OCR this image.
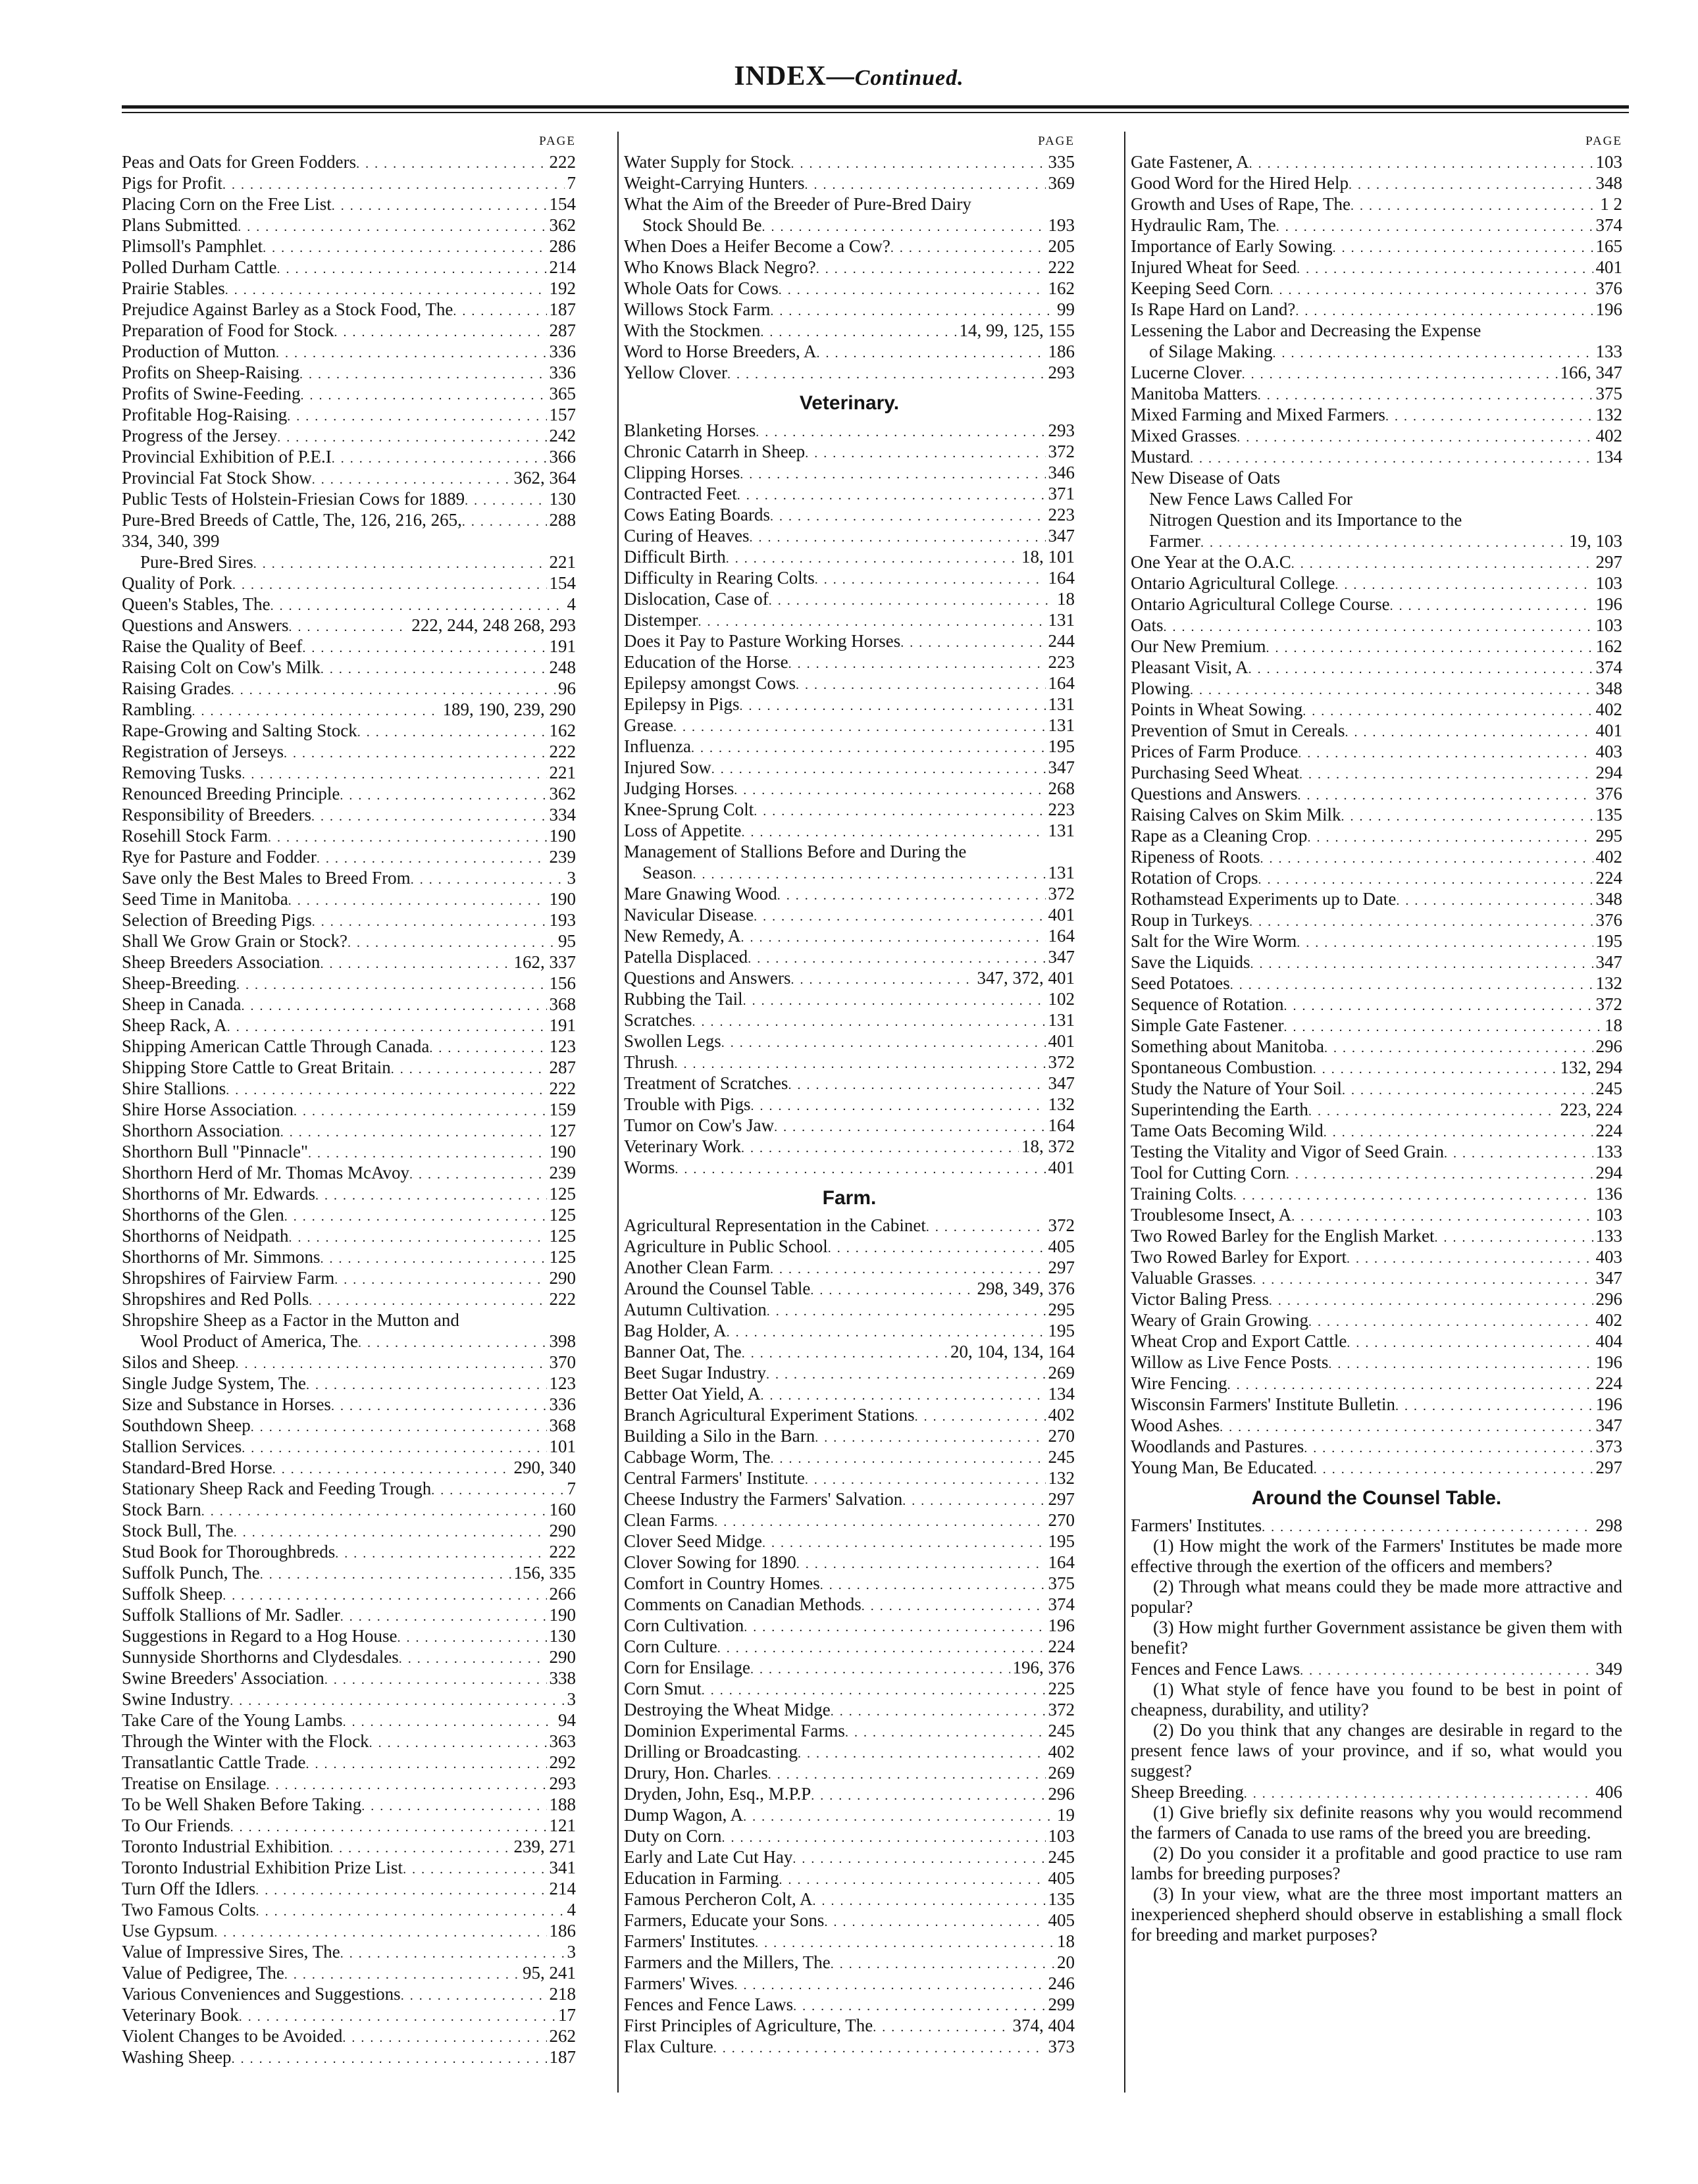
INDEX—Continued.
PAGE
Peas and Oats for Green Fodders . . .	222
Pigs for Profit . . .	7
Placing Corn on the Free List . . .	154
Plans Submitted . . .	362
Plimsoll's Pamphlet . . .	286
Polled Durham Cattle . . .	214
Prairie Stables . . .	192
Prejudice Against Barley as a Stock Food, The . . .	187
Preparation of Food for Stock . . .	287
Production of Mutton . . .	336
Profits on Sheep-Raising . . .	336
Profits of Swine-Feeding . . .	365
Profitable Hog-Raising . . .	157
Progress of the Jersey . . .	242
Provincial Exhibition of P.E.I . . .	366
Provincial Fat Stock Show . . .	362, 364
Public Tests of Holstein-Friesian Cows for 1889 . . .	130
Pure-Bred Breeds of Cattle, The, 126, 216, 265, . . .	288
334, 340, 399
Pure-Bred Sires . . .	221
Quality of Pork . . .	154
Queen's Stables, The . . .	4
Questions and Answers . . .	222, 244, 248 268, 293
Raise the Quality of Beef . . .	191
Raising Colt on Cow's Milk . . .	248
Raising Grades . . .	96
Rambling . . .	189, 190, 239, 290
Rape-Growing and Salting Stock . . .	162
Registration of Jerseys . . .	222
Removing Tusks . . .	221
Renounced Breeding Principle . . .	362
Responsibility of Breeders . . .	334
Rosehill Stock Farm . . .	190
Rye for Pasture and Fodder . . .	239
Save only the Best Males to Breed From . . .	3
Seed Time in Manitoba . . .	190
Selection of Breeding Pigs . . .	193
Shall We Grow Grain or Stock? . . .	95
Sheep Breeders Association . . .	162, 337
Sheep-Breeding . . .	156
Sheep in Canada . . .	368
Sheep Rack, A . . .	191
Shipping American Cattle Through Canada . . .	123
Shipping Store Cattle to Great Britain . . .	287
Shire Stallions . . .	222
Shire Horse Association . . .	159
Shorthorn Association . . .	127
Shorthorn Bull "Pinnacle" . . .	190
Shorthorn Herd of Mr. Thomas McAvoy . . .	239
Shorthorns of Mr. Edwards . . .	125
Shorthorns of the Glen . . .	125
Shorthorns of Neidpath . . .	125
Shorthorns of Mr. Simmons . . .	125
Shropshires of Fairview Farm . . .	290
Shropshires and Red Polls . . .	222
Shropshire Sheep as a Factor in the Mutton and
Wool Product of America, The . . .	398
Silos and Sheep . . .	370
Single Judge System, The . . .	123
Size and Substance in Horses . . .	336
Southdown Sheep . . .	368
Stallion Services . . .	101
Standard-Bred Horse . . .	290, 340
Stationary Sheep Rack and Feeding Trough . . .	7
Stock Barn . . .	160
Stock Bull, The . . .	290
Stud Book for Thoroughbreds . . .	222
Suffolk Punch, The . . .	156, 335
Suffolk Sheep . . .	266
Suffolk Stallions of Mr. Sadler . . .	190
Suggestions in Regard to a Hog House . . .	130
Sunnyside Shorthorns and Clydesdales . . .	290
Swine Breeders' Association . . .	338
Swine Industry . . .	3
Take Care of the Young Lambs . . .	94
Through the Winter with the Flock . . .	363
Transatlantic Cattle Trade . . .	292
Treatise on Ensilage . . .	293
To be Well Shaken Before Taking . . .	188
To Our Friends . . .	121
Toronto Industrial Exhibition . . .	239, 271
Toronto Industrial Exhibition Prize List . . .	341
Turn Off the Idlers . . .	214
Two Famous Colts . . .	4
Use Gypsum . . .	186
Value of Impressive Sires, The . . .	3
Value of Pedigree, The . . .	95, 241
Various Conveniences and Suggestions . . .	218
Veterinary Book . . .	17
Violent Changes to be Avoided . . .	262
Washing Sheep . . .	187
PAGE
Water Supply for Stock . . .	335
Weight-Carrying Hunters . . .	369
What the Aim of the Breeder of Pure-Bred Dairy
Stock Should Be . . .	193
When Does a Heifer Become a Cow? . . .	205
Who Knows Black Negro? . . .	222
Whole Oats for Cows . . .	162
Willows Stock Farm . . .	99
With the Stockmen . . .	14, 99, 125, 155
Word to Horse Breeders, A . . .	186
Yellow Clover . . .	293
Veterinary.
Blanketing Horses . . .	293
Chronic Catarrh in Sheep . . .	372
Clipping Horses . . .	346
Contracted Feet . . .	371
Cows Eating Boards . . .	223
Curing of Heaves . . .	347
Difficult Birth . . .	18, 101
Difficulty in Rearing Colts . . .	164
Dislocation, Case of . . .	18
Distemper . . .	131
Does it Pay to Pasture Working Horses . . .	244
Education of the Horse . . .	223
Epilepsy amongst Cows . . .	164
Epilepsy in Pigs . . .	131
Grease . . .	131
Influenza . . .	195
Injured Sow . . .	347
Judging Horses . . .	268
Knee-Sprung Colt . . .	223
Loss of Appetite . . .	131
Management of Stallions Before and During the
Season . . .	131
Mare Gnawing Wood . . .	372
Navicular Disease . . .	401
New Remedy, A . . .	164
Patella Displaced . . .	347
Questions and Answers . . .	347, 372, 401
Rubbing the Tail . . .	102
Scratches . . .	131
Swollen Legs . . .	401
Thrush . . .	372
Treatment of Scratches . . .	347
Trouble with Pigs . . .	132
Tumor on Cow's Jaw . . .	164
Veterinary Work . . .	18, 372
Worms . . .	401
Farm.
Agricultural Representation in the Cabinet . . .	372
Agriculture in Public School . . .	405
Another Clean Farm . . .	297
Around the Counsel Table . . .	298, 349, 376
Autumn Cultivation . . .	295
Bag Holder, A . . .	195
Banner Oat, The . . .	20, 104, 134, 164
Beet Sugar Industry . . .	269
Better Oat Yield, A . . .	134
Branch Agricultural Experiment Stations . . .	402
Building a Silo in the Barn . . .	270
Cabbage Worm, The . . .	245
Central Farmers' Institute . . .	132
Cheese Industry the Farmers' Salvation . . .	297
Clean Farms . . .	270
Clover Seed Midge . . .	195
Clover Sowing for 1890 . . .	164
Comfort in Country Homes . . .	375
Comments on Canadian Methods . . .	374
Corn Cultivation . . .	196
Corn Culture . . .	224
Corn for Ensilage . . .	196, 376
Corn Smut . . .	225
Destroying the Wheat Midge . . .	372
Dominion Experimental Farms . . .	245
Drilling or Broadcasting . . .	402
Drury, Hon. Charles . . .	269
Dryden, John, Esq., M.P.P . . .	296
Dump Wagon, A . . .	19
Duty on Corn . . .	103
Early and Late Cut Hay . . .	245
Education in Farming . . .	405
Famous Percheron Colt, A . . .	135
Farmers, Educate your Sons . . .	405
Farmers' Institutes . . .	18
Farmers and the Millers, The . . .	20
Farmers' Wives . . .	246
Fences and Fence Laws . . .	299
First Principles of Agriculture, The . . .	374, 404
Flax Culture . . .	373
PAGE
Gate Fastener, A . . .	103
Good Word for the Hired Help . . .	348
Growth and Uses of Rape, The . . .	1 2
Hydraulic Ram, The . . .	374
Importance of Early Sowing . . .	165
Injured Wheat for Seed . . .	401
Keeping Seed Corn . . .	376
Is Rape Hard on Land? . . .	196
Lessening the Labor and Decreasing the Expense
of Silage Making . . .	133
Lucerne Clover . . .	166, 347
Manitoba Matters . . .	375
Mixed Farming and Mixed Farmers . . .	132
Mixed Grasses . . .	402
Mustard . . .	134
New Disease of Oats
New Fence Laws Called For
Nitrogen Question and its Importance to the
Farmer . . .	19, 103
One Year at the O.A.C . . .	297
Ontario Agricultural College . . .	103
Ontario Agricultural College Course . . .	196
Oats . . .	103
Our New Premium . . .	162
Pleasant Visit, A . . .	374
Plowing . . .	348
Points in Wheat Sowing . . .	402
Prevention of Smut in Cereals . . .	401
Prices of Farm Produce . . .	403
Purchasing Seed Wheat . . .	294
Questions and Answers . . .	376
Raising Calves on Skim Milk . . .	135
Rape as a Cleaning Crop . . .	295
Ripeness of Roots . . .	402
Rotation of Crops . . .	224
Rothamstead Experiments up to Date . . .	348
Roup in Turkeys . . .	376
Salt for the Wire Worm . . .	195
Save the Liquids . . .	347
Seed Potatoes . . .	132
Sequence of Rotation . . .	372
Simple Gate Fastener . . .	18
Something about Manitoba . . .	296
Spontaneous Combustion . . .	132, 294
Study the Nature of Your Soil . . .	245
Superintending the Earth . . .	223, 224
Tame Oats Becoming Wild . . .	224
Testing the Vitality and Vigor of Seed Grain . . .	133
Tool for Cutting Corn . . .	294
Training Colts . . .	136
Troublesome Insect, A . . .	103
Two Rowed Barley for the English Market . . .	133
Two Rowed Barley for Export . . .	403
Valuable Grasses . . .	347
Victor Baling Press . . .	296
Weary of Grain Growing . . .	402
Wheat Crop and Export Cattle . . .	404
Willow as Live Fence Posts . . .	196
Wire Fencing . . .	224
Wisconsin Farmers' Institute Bulletin . . .	196
Wood Ashes . . .	347
Woodlands and Pastures . . .	373
Young Man, Be Educated . . .	297
Around the Counsel Table.
Farmers' Institutes . . .	298
(1) How might the work of the Farmers' Institutes be made more effective through the exertion of the officers and members?
(2) Through what means could they be made more attractive and popular?
(3) How might further Government assistance be given them with benefit?
Fences and Fence Laws . . .	349
(1) What style of fence have you found to be best in point of cheapness, durability, and utility?
(2) Do you think that any changes are desirable in regard to the present fence laws of your province, and if so, what would you suggest?
Sheep Breeding . . .	406
(1) Give briefly six definite reasons why you would recommend the farmers of Canada to use rams of the breed you are breeding.
(2) Do you consider it a profitable and good practice to use ram lambs for breeding purposes?
(3) In your view, what are the three most important matters an inexperienced shepherd should observe in establishing a small flock for breeding and market purposes?
